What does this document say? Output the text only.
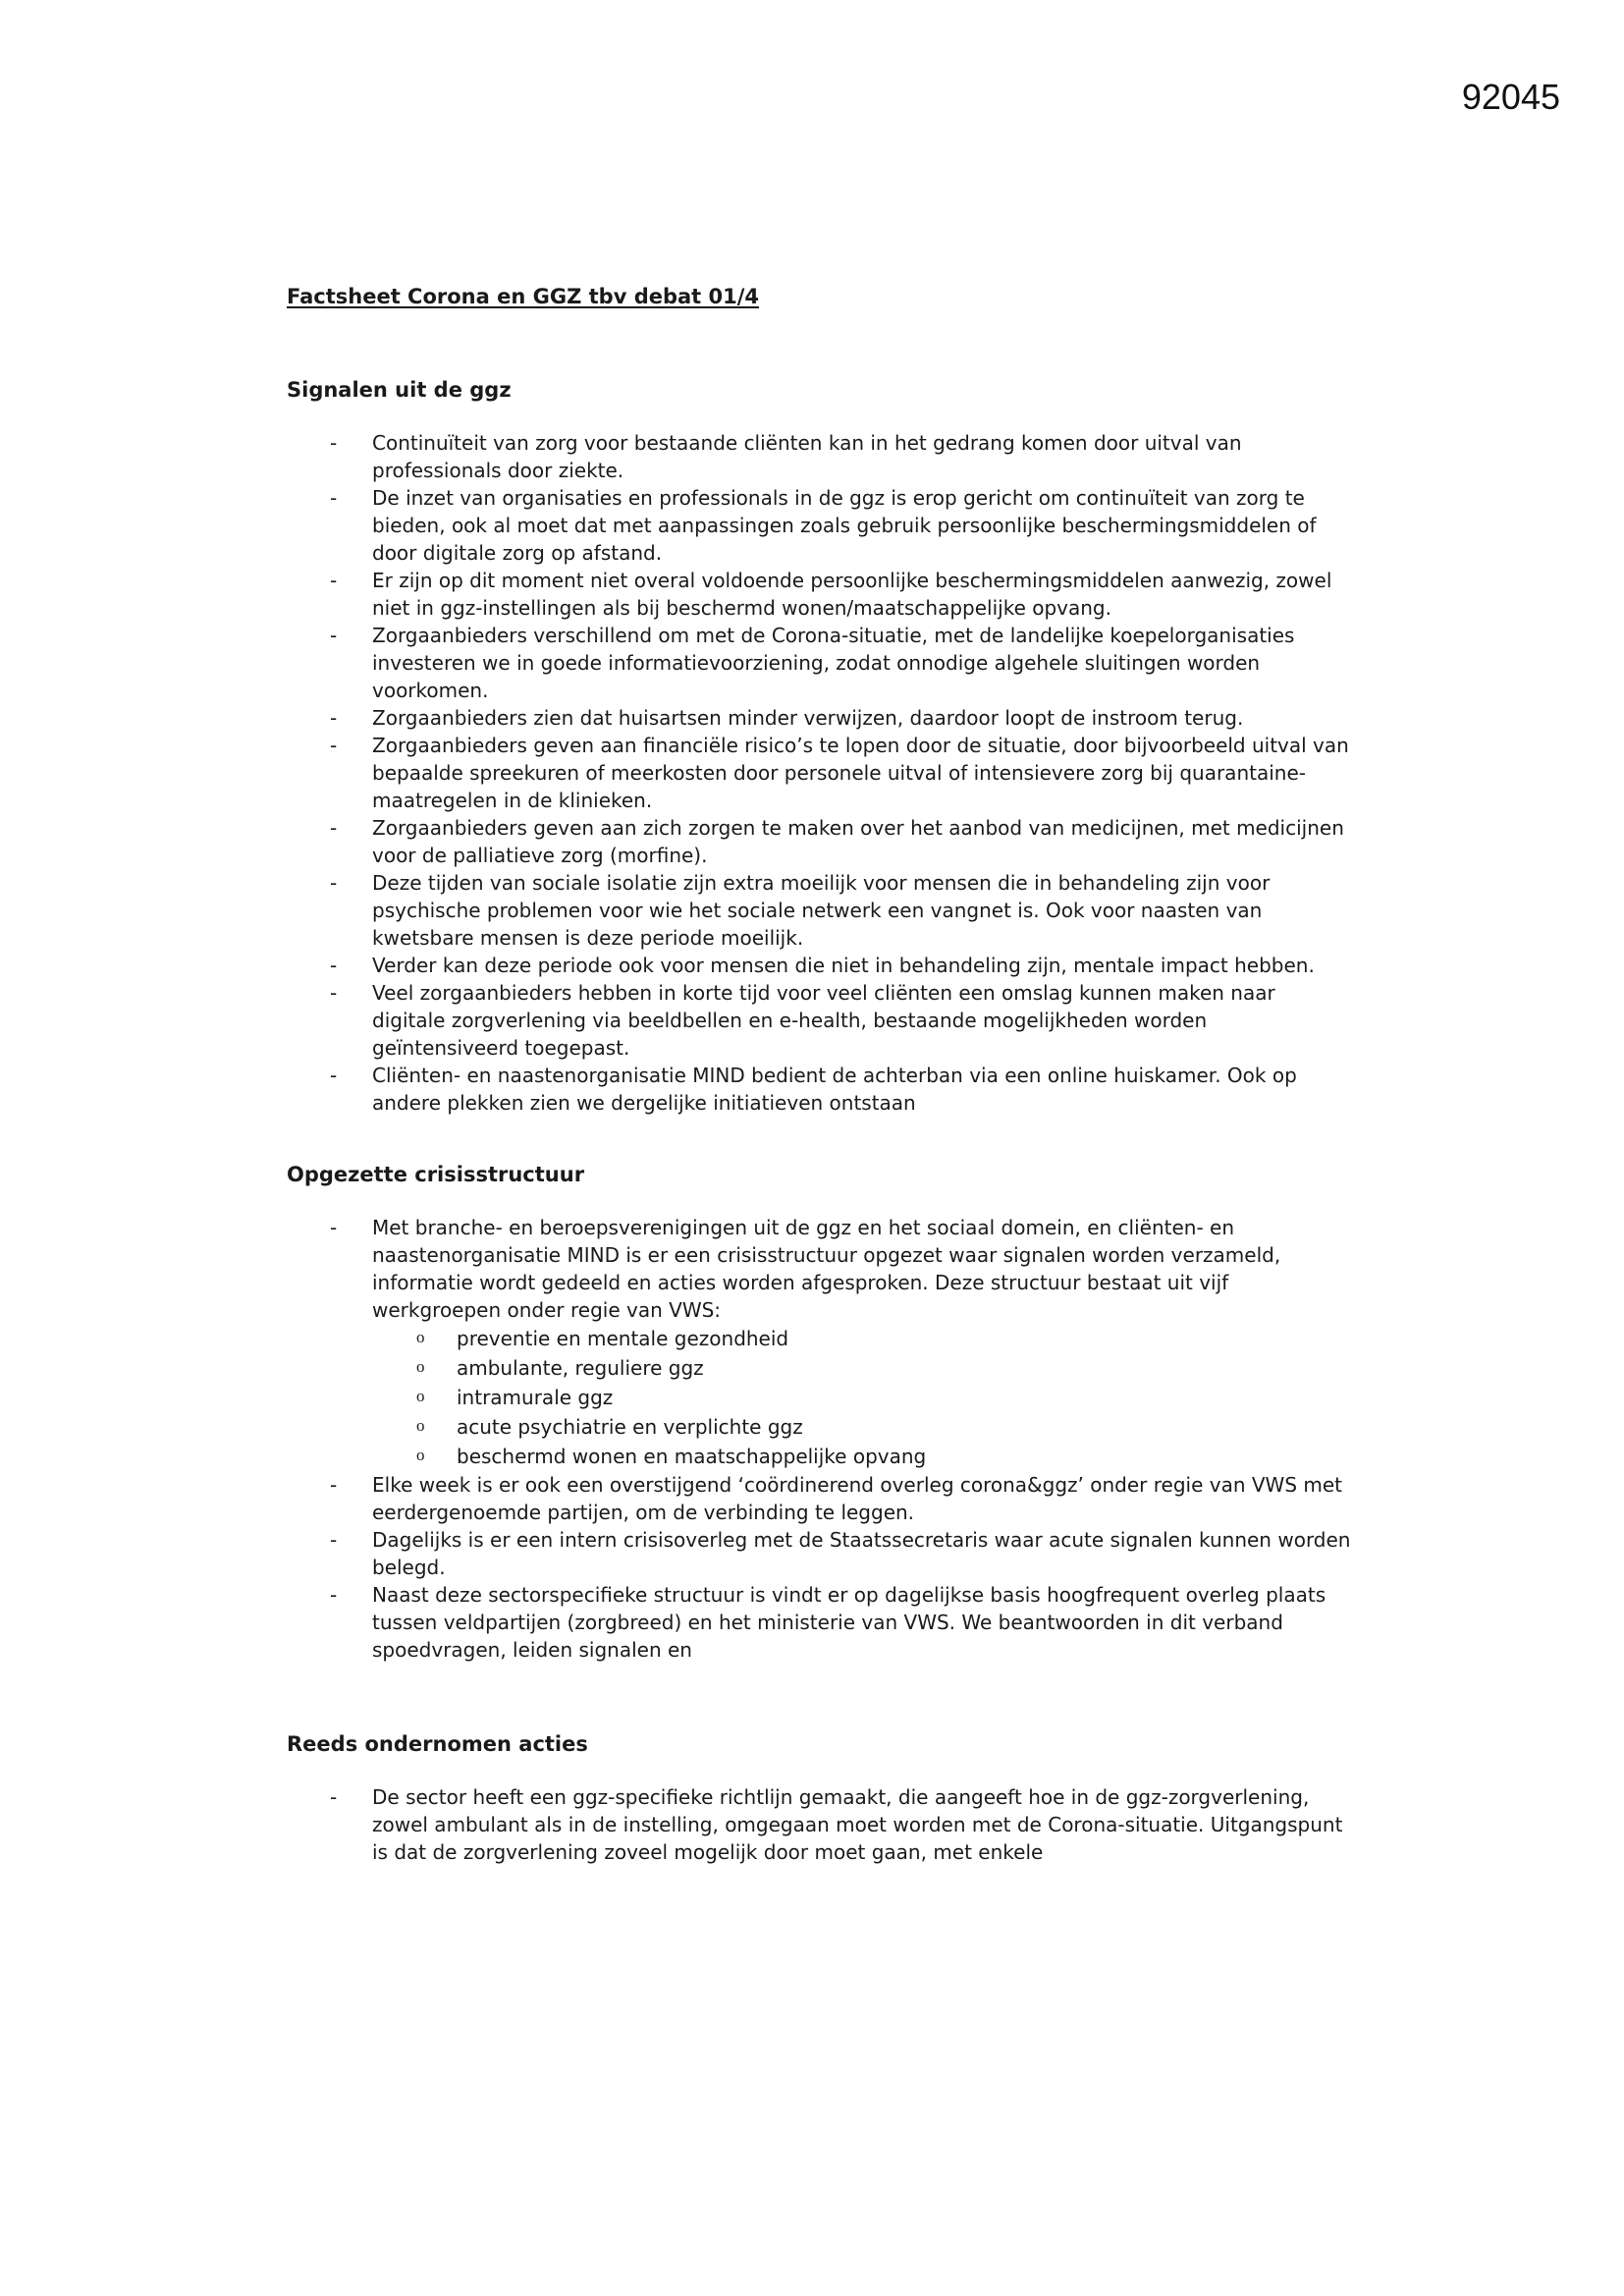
92045

Factsheet Corona en GGZ tbv debat 01/4
Signalen uit de ggz
- Continuïteit van zorg voor bestaande cliënten kan in het gedrang komen door uitval van professionals door ziekte.
- De inzet van organisaties en professionals in de ggz is erop gericht om continuïteit van zorg te bieden, ook al moet dat met aanpassingen zoals gebruik persoonlijke beschermingsmiddelen of door digitale zorg op afstand.
- Er zijn op dit moment niet overal voldoende persoonlijke beschermingsmiddelen aanwezig, zowel niet in ggz-instellingen als bij beschermd wonen/maatschappelijke opvang.
- Zorgaanbieders verschillend om met de Corona-situatie, met de landelijke koepelorganisaties investeren we in goede informatievoorziening, zodat onnodige algehele sluitingen worden voorkomen.
- Zorgaanbieders zien dat huisartsen minder verwijzen, daardoor loopt de instroom terug.
- Zorgaanbieders geven aan financiële risico’s te lopen door de situatie, door bijvoorbeeld uitval van bepaalde spreekuren of meerkosten door personele uitval of intensievere zorg bij quarantaine-maatregelen in de klinieken.
- Zorgaanbieders geven aan zich zorgen te maken over het aanbod van medicijnen, met medicijnen voor de palliatieve zorg (morfine).
- Deze tijden van sociale isolatie zijn extra moeilijk voor mensen die in behandeling zijn voor psychische problemen voor wie het sociale netwerk een vangnet is. Ook voor naasten van kwetsbare mensen is deze periode moeilijk.
- Verder kan deze periode ook voor mensen die niet in behandeling zijn, mentale impact hebben.
- Veel zorgaanbieders hebben in korte tijd voor veel cliënten een omslag kunnen maken naar digitale zorgverlening via beeldbellen en e-health, bestaande mogelijkheden worden geïntensiveerd toegepast.
- Cliënten- en naastenorganisatie MIND bedient de achterban via een online huiskamer. Ook op andere plekken zien we dergelijke initiatieven ontstaan
Opgezette crisisstructuur
- Met branche- en beroepsverenigingen uit de ggz en het sociaal domein, en cliënten- en naastenorganisatie MIND is er een crisisstructuur opgezet waar signalen worden verzameld, informatie wordt gedeeld en acties worden afgesproken. Deze structuur bestaat uit vijf werkgroepen onder regie van VWS:
o preventie en mentale gezondheid
o ambulante, reguliere ggz
o intramurale ggz
o acute psychiatrie en verplichte ggz
o beschermd wonen en maatschappelijke opvang
- Elke week is er ook een overstijgend ‘coördinerend overleg corona&ggz’ onder regie van VWS met eerdergenoemde partijen, om de verbinding te leggen.
- Dagelijks is er een intern crisisoverleg met de Staatssecretaris waar acute signalen kunnen worden belegd.
- Naast deze sectorspecifieke structuur is vindt er op dagelijkse basis hoogfrequent overleg plaats tussen veldpartijen (zorgbreed) en het ministerie van VWS. We beantwoorden in dit verband spoedvragen, leiden signalen en
Reeds ondernomen acties
- De sector heeft een ggz-specifieke richtlijn gemaakt, die aangeeft hoe in de ggz-zorgverlening, zowel ambulant als in de instelling, omgegaan moet worden met de Corona-situatie. Uitgangspunt is dat de zorgverlening zoveel mogelijk door moet gaan, met enkele
